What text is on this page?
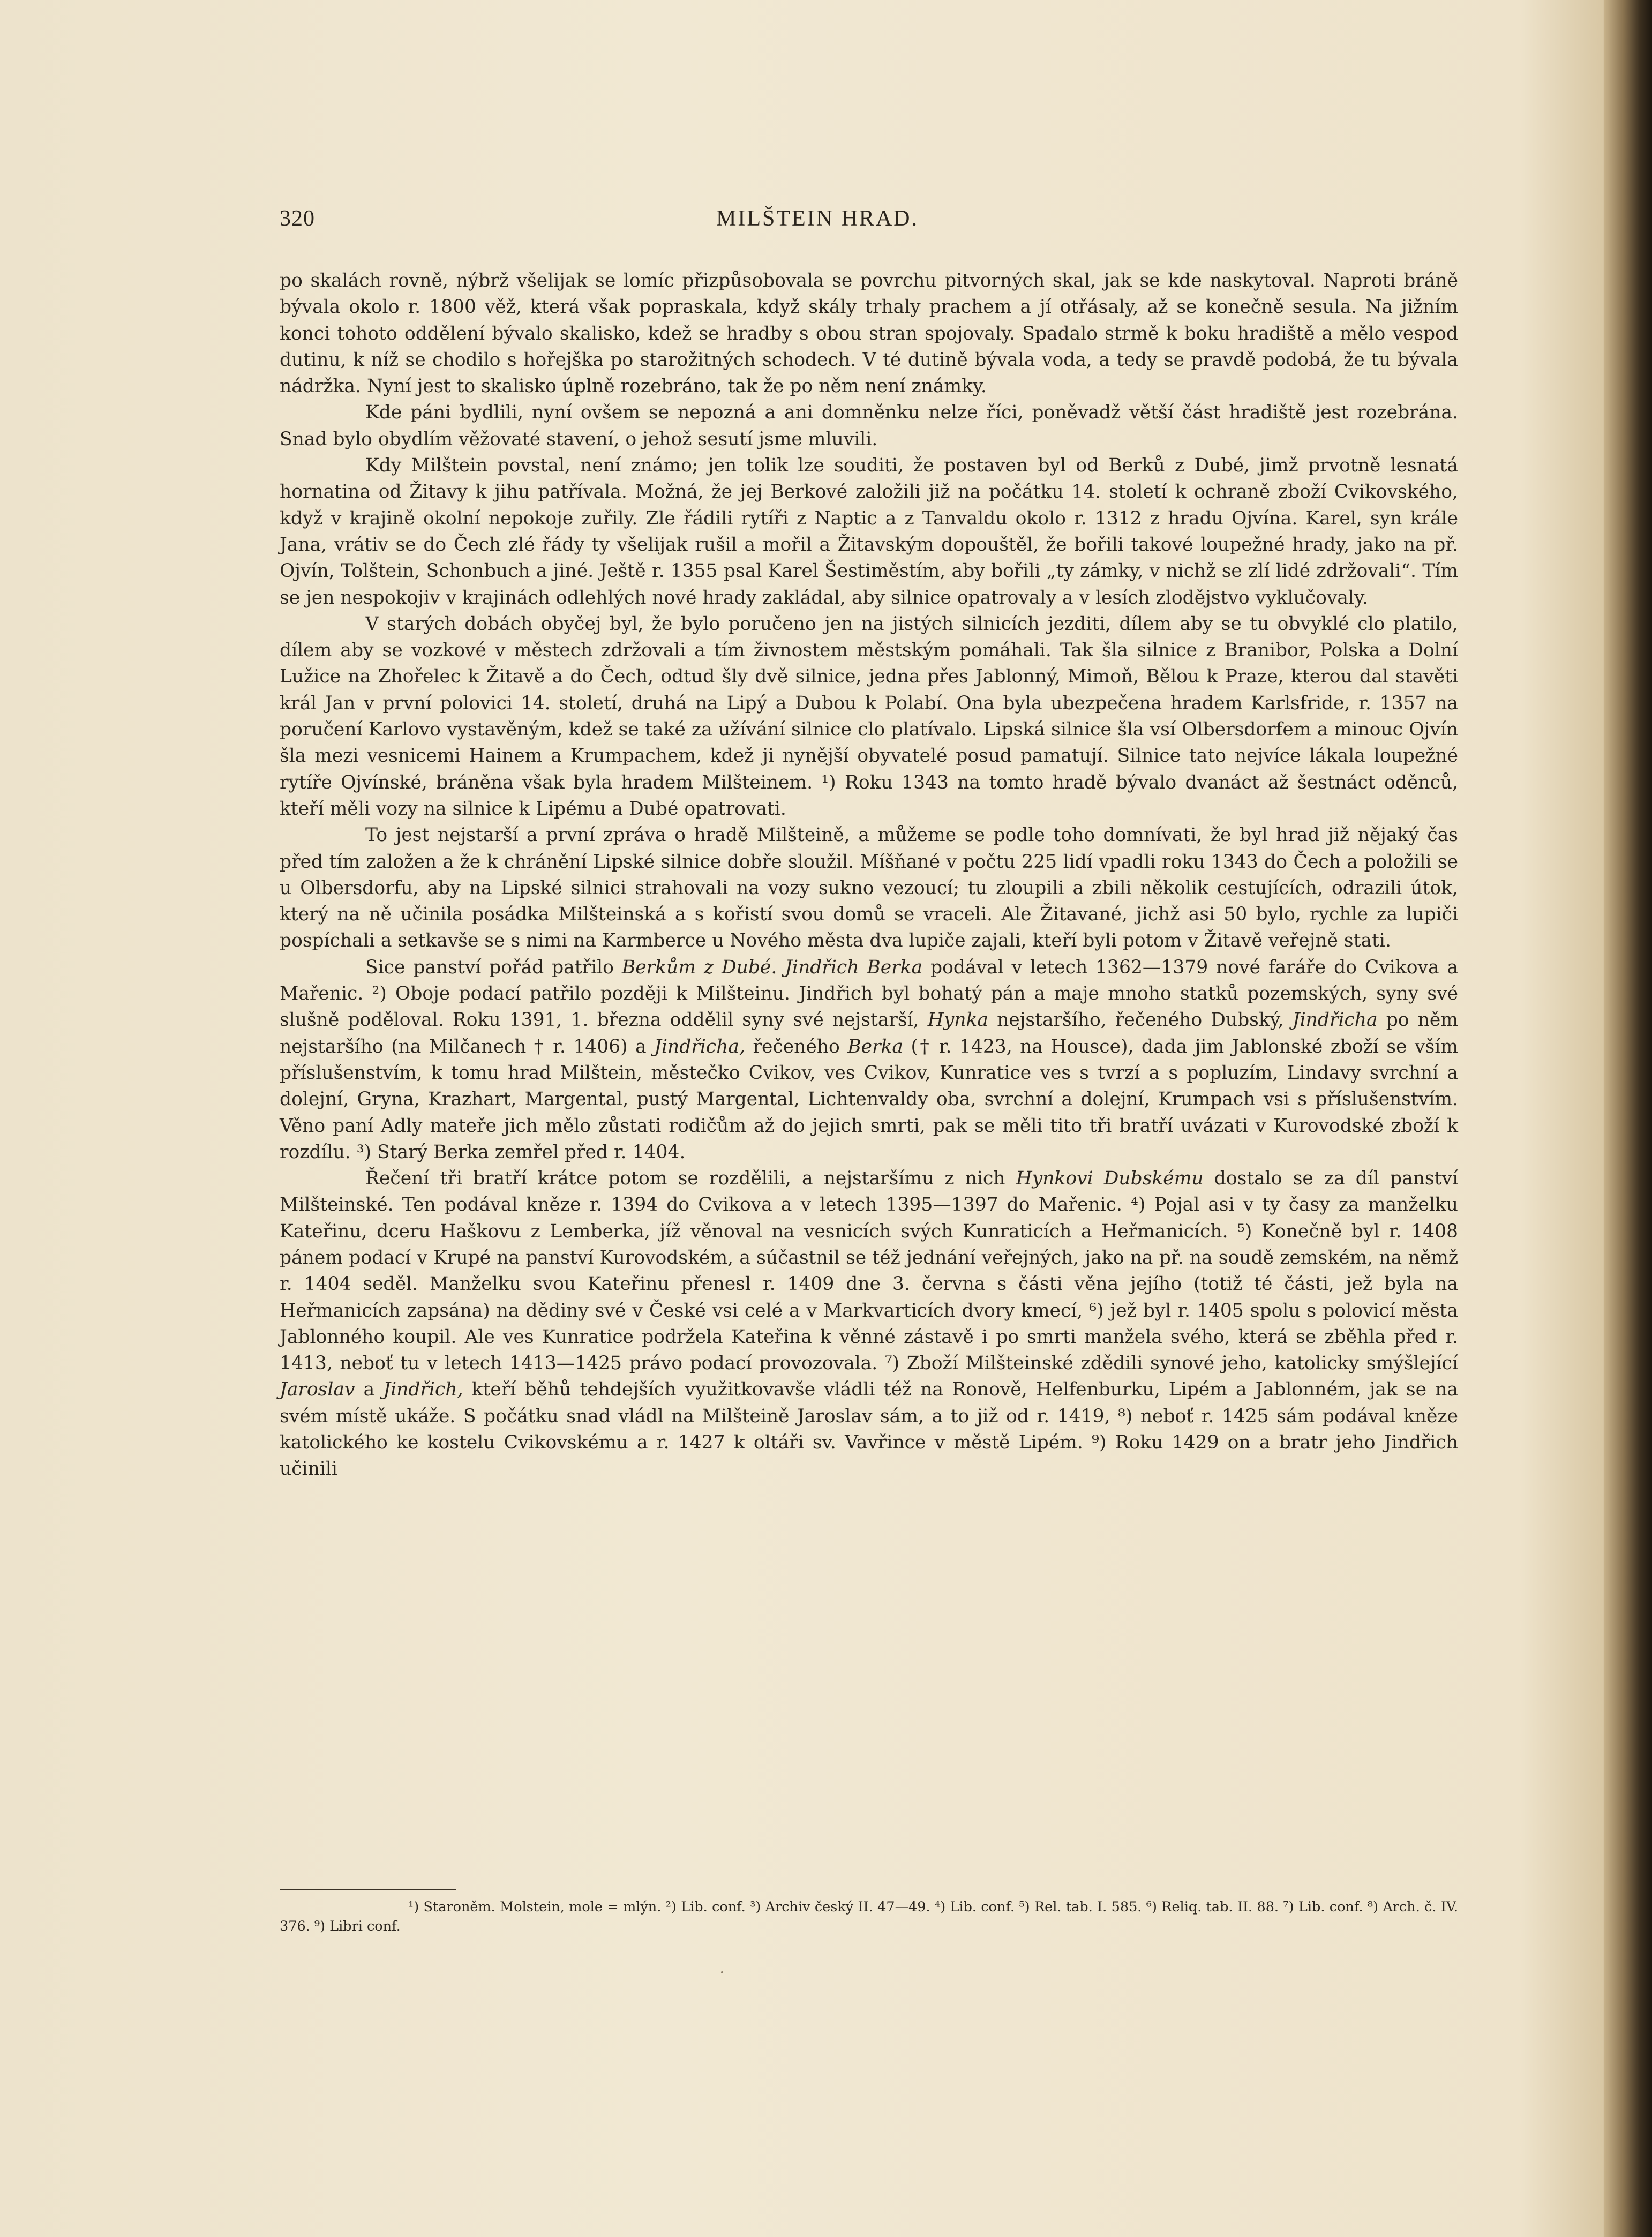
320	MILŠTEIN HRAD.

po skalách rovně, nýbrž všelijak se lomíc přizpůsobovala se povrchu pitvorných skal, jak se kde naskytoval. Naproti bráně bývala okolo r. 1800 věž, která však popraskala, když skály trhaly prachem a jí otřásaly, až se konečně sesula. Na jižním konci tohoto oddělení bývalo skalisko, kdež se hradby s obou stran spojovaly. Spadalo strmě k boku hradiště a mělo vespod dutinu, k níž se chodilo s hořejška po starožitných schodech. V té dutině bývala voda, a tedy se pravdě podobá, že tu bývala nádržka. Nyní jest to skalisko úplně rozebráno, tak že po něm není známky.

Kde páni bydlili, nyní ovšem se nepozná a ani domněnku nelze říci, poněvadž větší část hradiště jest rozebrána. Snad bylo obydlím věžovaté stavení, o jehož sesutí jsme mluvili.

Kdy Milštein povstal, není známo; jen tolik lze souditi, že postaven byl od Berků z Dubé, jimž prvotně lesnatá hornatina od Žitavy k jihu patřívala. Možná, že jej Berkové založili již na počátku 14. století k ochraně zboží Cvikovského, když v krajině okolní nepokoje zuřily. Zle řádili rytíři z Naptic a z Tanvaldu okolo r. 1312 z hradu Ojvína. Karel, syn krále Jana, vrátiv se do Čech zlé řády ty všelijak rušil a mořil a Žitavským dopouštěl, že bořili takové loupežné hrady, jako na př. Ojvín, Tolštein, Schonbuch a jiné. Ještě r. 1355 psal Karel Šestiměstím, aby bořili „ty zámky, v nichž se zlí lidé zdržovali“. Tím se jen nespokojiv v krajinách odlehlých nové hrady zakládal, aby silnice opatrovaly a v lesích zlodějstvo vyklučovaly.

V starých dobách obyčej byl, že bylo poručeno jen na jistých silnicích jezditi, dílem aby se tu obvyklé clo platilo, dílem aby se vozkové v městech zdržovali a tím živnostem městským pomáhali. Tak šla silnice z Branibor, Polska a Dolní Lužice na Zhořelec k Žitavě a do Čech, odtud šly dvě silnice, jedna přes Jablonný, Mimoň, Bělou k Praze, kterou dal stavěti král Jan v první polovici 14. století, druhá na Lipý a Dubou k Polabí. Ona byla ubezpečena hradem Karlsfride, r. 1357 na poručení Karlovo vystavěným, kdež se také za užívání silnice clo platívalo. Lipská silnice šla vsí Olbersdorfem a minouc Ojvín šla mezi vesnicemi Hainem a Krumpachem, kdež ji nynější obyvatelé posud pamatují. Silnice tato nejvíce lákala loupežné rytíře Ojvínské, bráněna však byla hradem Milšteinem. ¹) Roku 1343 na tomto hradě bývalo dvanáct až šestnáct oděnců, kteří měli vozy na silnice k Lipému a Dubé opatrovati.

To jest nejstarší a první zpráva o hradě Milšteině, a můžeme se podle toho domnívati, že byl hrad již nějaký čas před tím založen a že k chránění Lipské silnice dobře sloužil. Míšňané v počtu 225 lidí vpadli roku 1343 do Čech a položili se u Olbersdorfu, aby na Lipské silnici strahovali na vozy sukno vezoucí; tu zloupili a zbili několik cestujících, odrazili útok, který na ně učinila posádka Milšteinská a s kořistí svou domů se vraceli. Ale Žitavané, jichž asi 50 bylo, rychle za lupiči pospíchali a setkavše se s nimi na Karmberce u Nového města dva lupiče zajali, kteří byli potom v Žitavě veřejně stati.

Sice panství pořád patřilo Berkům z Dubé. Jindřich Berka podával v letech 1362—1379 nové faráře do Cvikova a Mařenic. ²) Oboje podací patřilo později k Milšteinu. Jindřich byl bohatý pán a maje mnoho statků pozemských, syny své slušně poděloval. Roku 1391, 1. března oddělil syny své nejstarší, Hynka nejstaršího, řečeného Dubský, Jindřicha po něm nejstaršího (na Milčanech † r. 1406) a Jindřicha, řečeného Berka († r. 1423, na Housce), dada jim Jablonské zboží se vším příslušenstvím, k tomu hrad Milštein, městečko Cvikov, ves Cvikov, Kunratice ves s tvrzí a s popluzím, Lindavy svrchní a dolejní, Gryna, Krazhart, Margental, pustý Margental, Lichtenvaldy oba, svrchní a dolejní, Krumpach vsi s příslušenstvím. Věno paní Adly mateře jich mělo zůstati rodičům až do jejich smrti, pak se měli tito tři bratří uvázati v Kurovodské zboží k rozdílu. ³) Starý Berka zemřel před r. 1404.

Řečení tři bratří krátce potom se rozdělili, a nejstaršímu z nich Hynkovi Dubskému dostalo se za díl panství Milšteinské. Ten podával kněze r. 1394 do Cvikova a v letech 1395—1397 do Mařenic. ⁴) Pojal asi v ty časy za manželku Kateřinu, dceru Haškovu z Lemberka, jíž věnoval na vesnicích svých Kunraticích a Heřmanicích. ⁵) Konečně byl r. 1408 pánem podací v Krupé na panství Kurovodském, a súčastnil se též jednání veřejných, jako na př. na soudě zemském, na němž r. 1404 seděl. Manželku svou Kateřinu přenesl r. 1409 dne 3. června s části věna jejího (totiž té části, jež byla na Heřmanicích zapsána) na dědiny své v České vsi celé a v Markvarticích dvory kmecí, ⁶) jež byl r. 1405 spolu s polovicí města Jablonného koupil. Ale ves Kunratice podržela Kateřina k věnné zástavě i po smrti manžela svého, která se zběhla před r. 1413, neboť tu v letech 1413—1425 právo podací provozovala. ⁷) Zboží Milšteinské zdědili synové jeho, katolicky smýšlející Jaroslav a Jindřich, kteří běhů tehdejších využitkovavše vládli též na Ronově, Helfenburku, Lipém a Jablonném, jak se na svém místě ukáže. S počátku snad vládl na Milšteině Jaroslav sám, a to již od r. 1419, ⁸) neboť r. 1425 sám podával kněze katolického ke kostelu Cvikovskému a r. 1427 k oltáři sv. Vavřince v městě Lipém. ⁹) Roku 1429 on a bratr jeho Jindřich učinili

¹) Staroněm. Molstein, mole = mlýn. ²) Lib. conf. ³) Archiv český II. 47—49. ⁴) Lib. conf. ⁵) Rel. tab. I. 585. ⁶) Reliq. tab. II. 88. ⁷) Lib. conf. ⁸) Arch. č. IV. 376. ⁹) Libri conf.
